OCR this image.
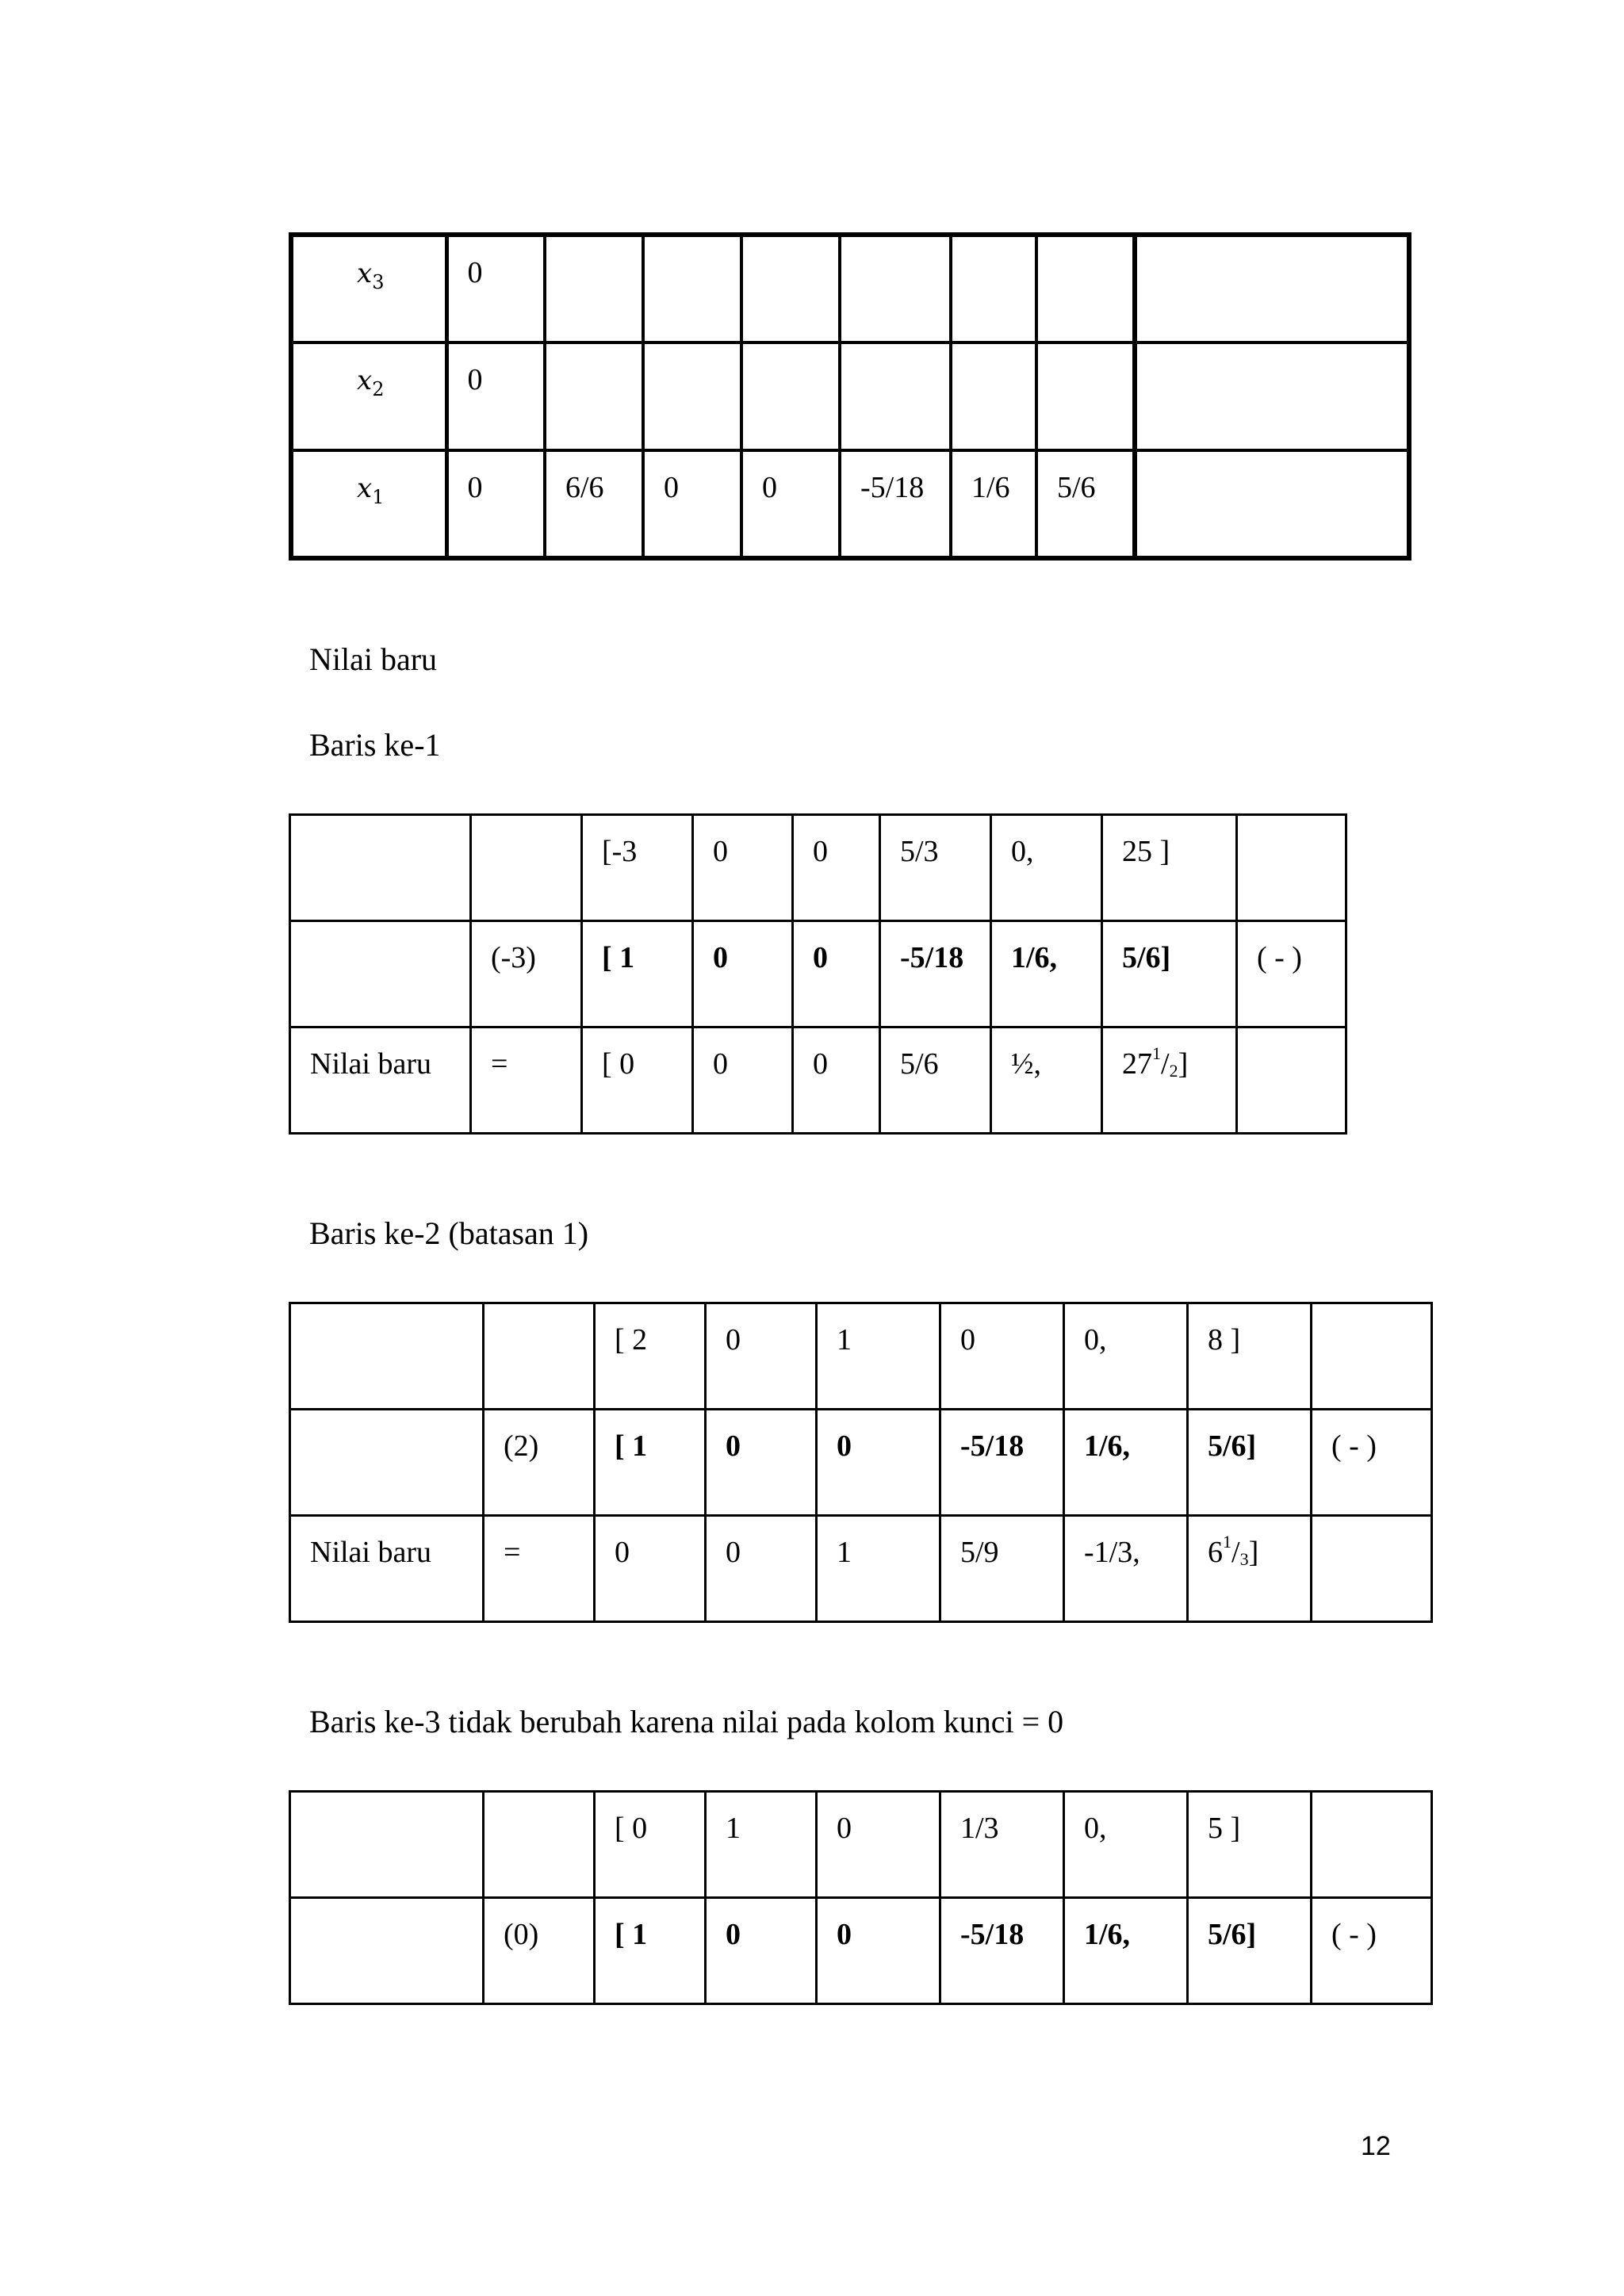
$x_3$	0							
$x_2$	0							
$x_1$	0	6/6	0	0	-5/18	1/6	5/6	
Nilai baru
Baris ke-1
		[-3	0	0	5/3	0,	25 ]	
	(-3)	[ 1	0	0	-5/18	1/6,	5/6]	( - )
Nilai baru	=	[ 0	0	0	5/6	½,	$27^1/_2$]	
Baris ke-2 (batasan 1)
		[ 2	0	1	0	0,	8 ]	
	(2)	[ 1	0	0	-5/18	1/6,	5/6]	( - )
Nilai baru	=	0	0	1	5/9	-1/3,	$6^1/_3$]	
Baris ke-3 tidak berubah karena nilai pada kolom kunci = 0
		[ 0	1	0	1/3	0,	5 ]	
	(0)	[ 1	0	0	-5/18	1/6,	5/6]	( - )
12
